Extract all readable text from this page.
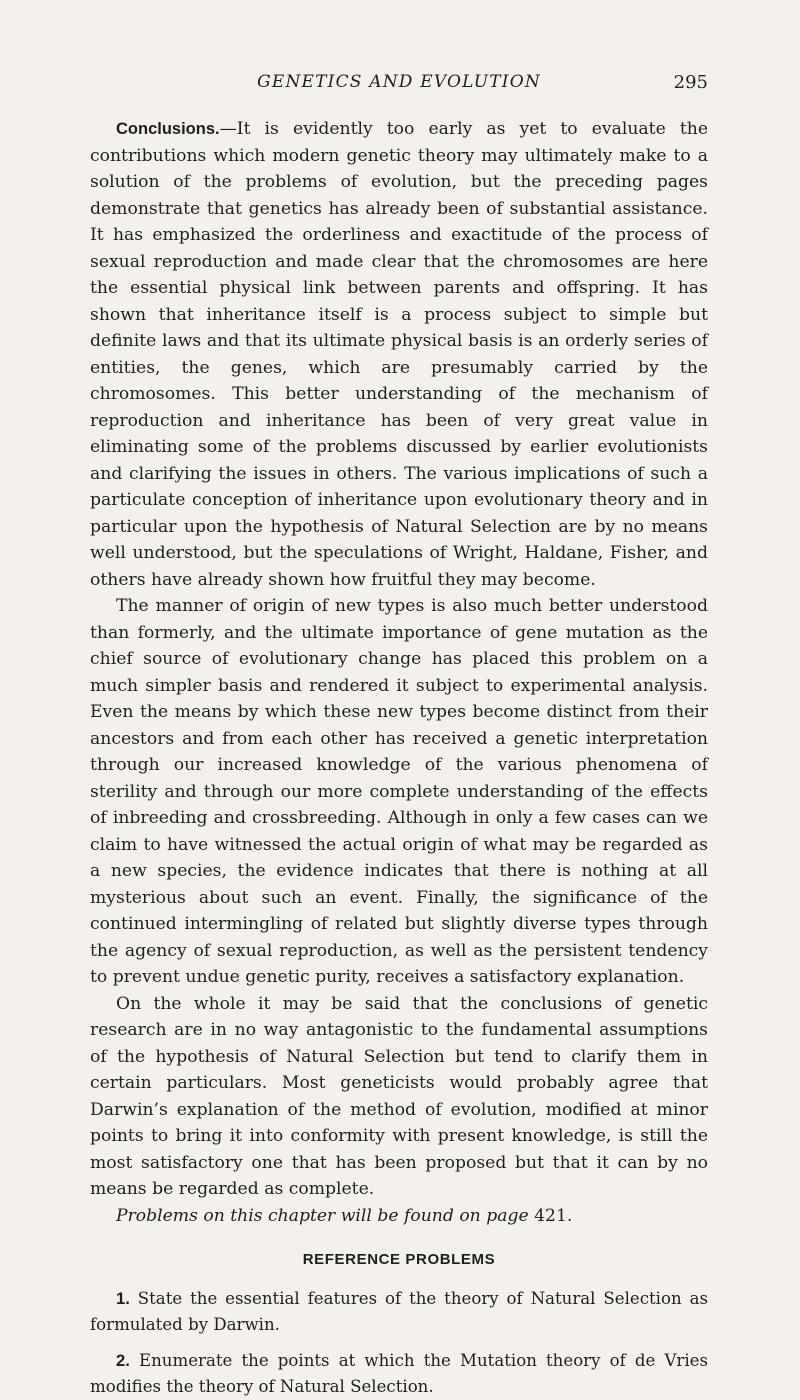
GENETICS AND EVOLUTION	295

Conclusions.—It is evidently too early as yet to evaluate the contributions which modern genetic theory may ultimately make to a solution of the problems of evolution, but the preceding pages demonstrate that genetics has already been of substantial assistance. It has emphasized the orderliness and exactitude of the process of sexual reproduction and made clear that the chromosomes are here the essential physical link between parents and offspring. It has shown that inheritance itself is a process subject to simple but definite laws and that its ultimate physical basis is an orderly series of entities, the genes, which are presumably carried by the chromosomes. This better understanding of the mechanism of reproduction and inheritance has been of very great value in eliminating some of the problems discussed by earlier evolutionists and clarifying the issues in others. The various implications of such a particulate conception of inheritance upon evolutionary theory and in particular upon the hypothesis of Natural Selection are by no means well understood, but the speculations of Wright, Haldane, Fisher, and others have already shown how fruitful they may become.

The manner of origin of new types is also much better understood than formerly, and the ultimate importance of gene mutation as the chief source of evolutionary change has placed this problem on a much simpler basis and rendered it subject to experimental analysis. Even the means by which these new types become distinct from their ancestors and from each other has received a genetic interpretation through our increased knowledge of the various phenomena of sterility and through our more complete understanding of the effects of inbreeding and crossbreeding. Although in only a few cases can we claim to have witnessed the actual origin of what may be regarded as a new species, the evidence indicates that there is nothing at all mysterious about such an event. Finally, the significance of the continued intermingling of related but slightly diverse types through the agency of sexual reproduction, as well as the persistent tendency to prevent undue genetic purity, receives a satisfactory explanation.

On the whole it may be said that the conclusions of genetic research are in no way antagonistic to the fundamental assumptions of the hypothesis of Natural Selection but tend to clarify them in certain particulars. Most geneticists would probably agree that Darwin’s explanation of the method of evolution, modified at minor points to bring it into conformity with present knowledge, is still the most satisfactory one that has been proposed but that it can by no means be regarded as complete.

Problems on this chapter will be found on page 421.

REFERENCE PROBLEMS

1. State the essential features of the theory of Natural Selection as formulated by Darwin.

2. Enumerate the points at which the Mutation theory of de Vries modifies the theory of Natural Selection.
